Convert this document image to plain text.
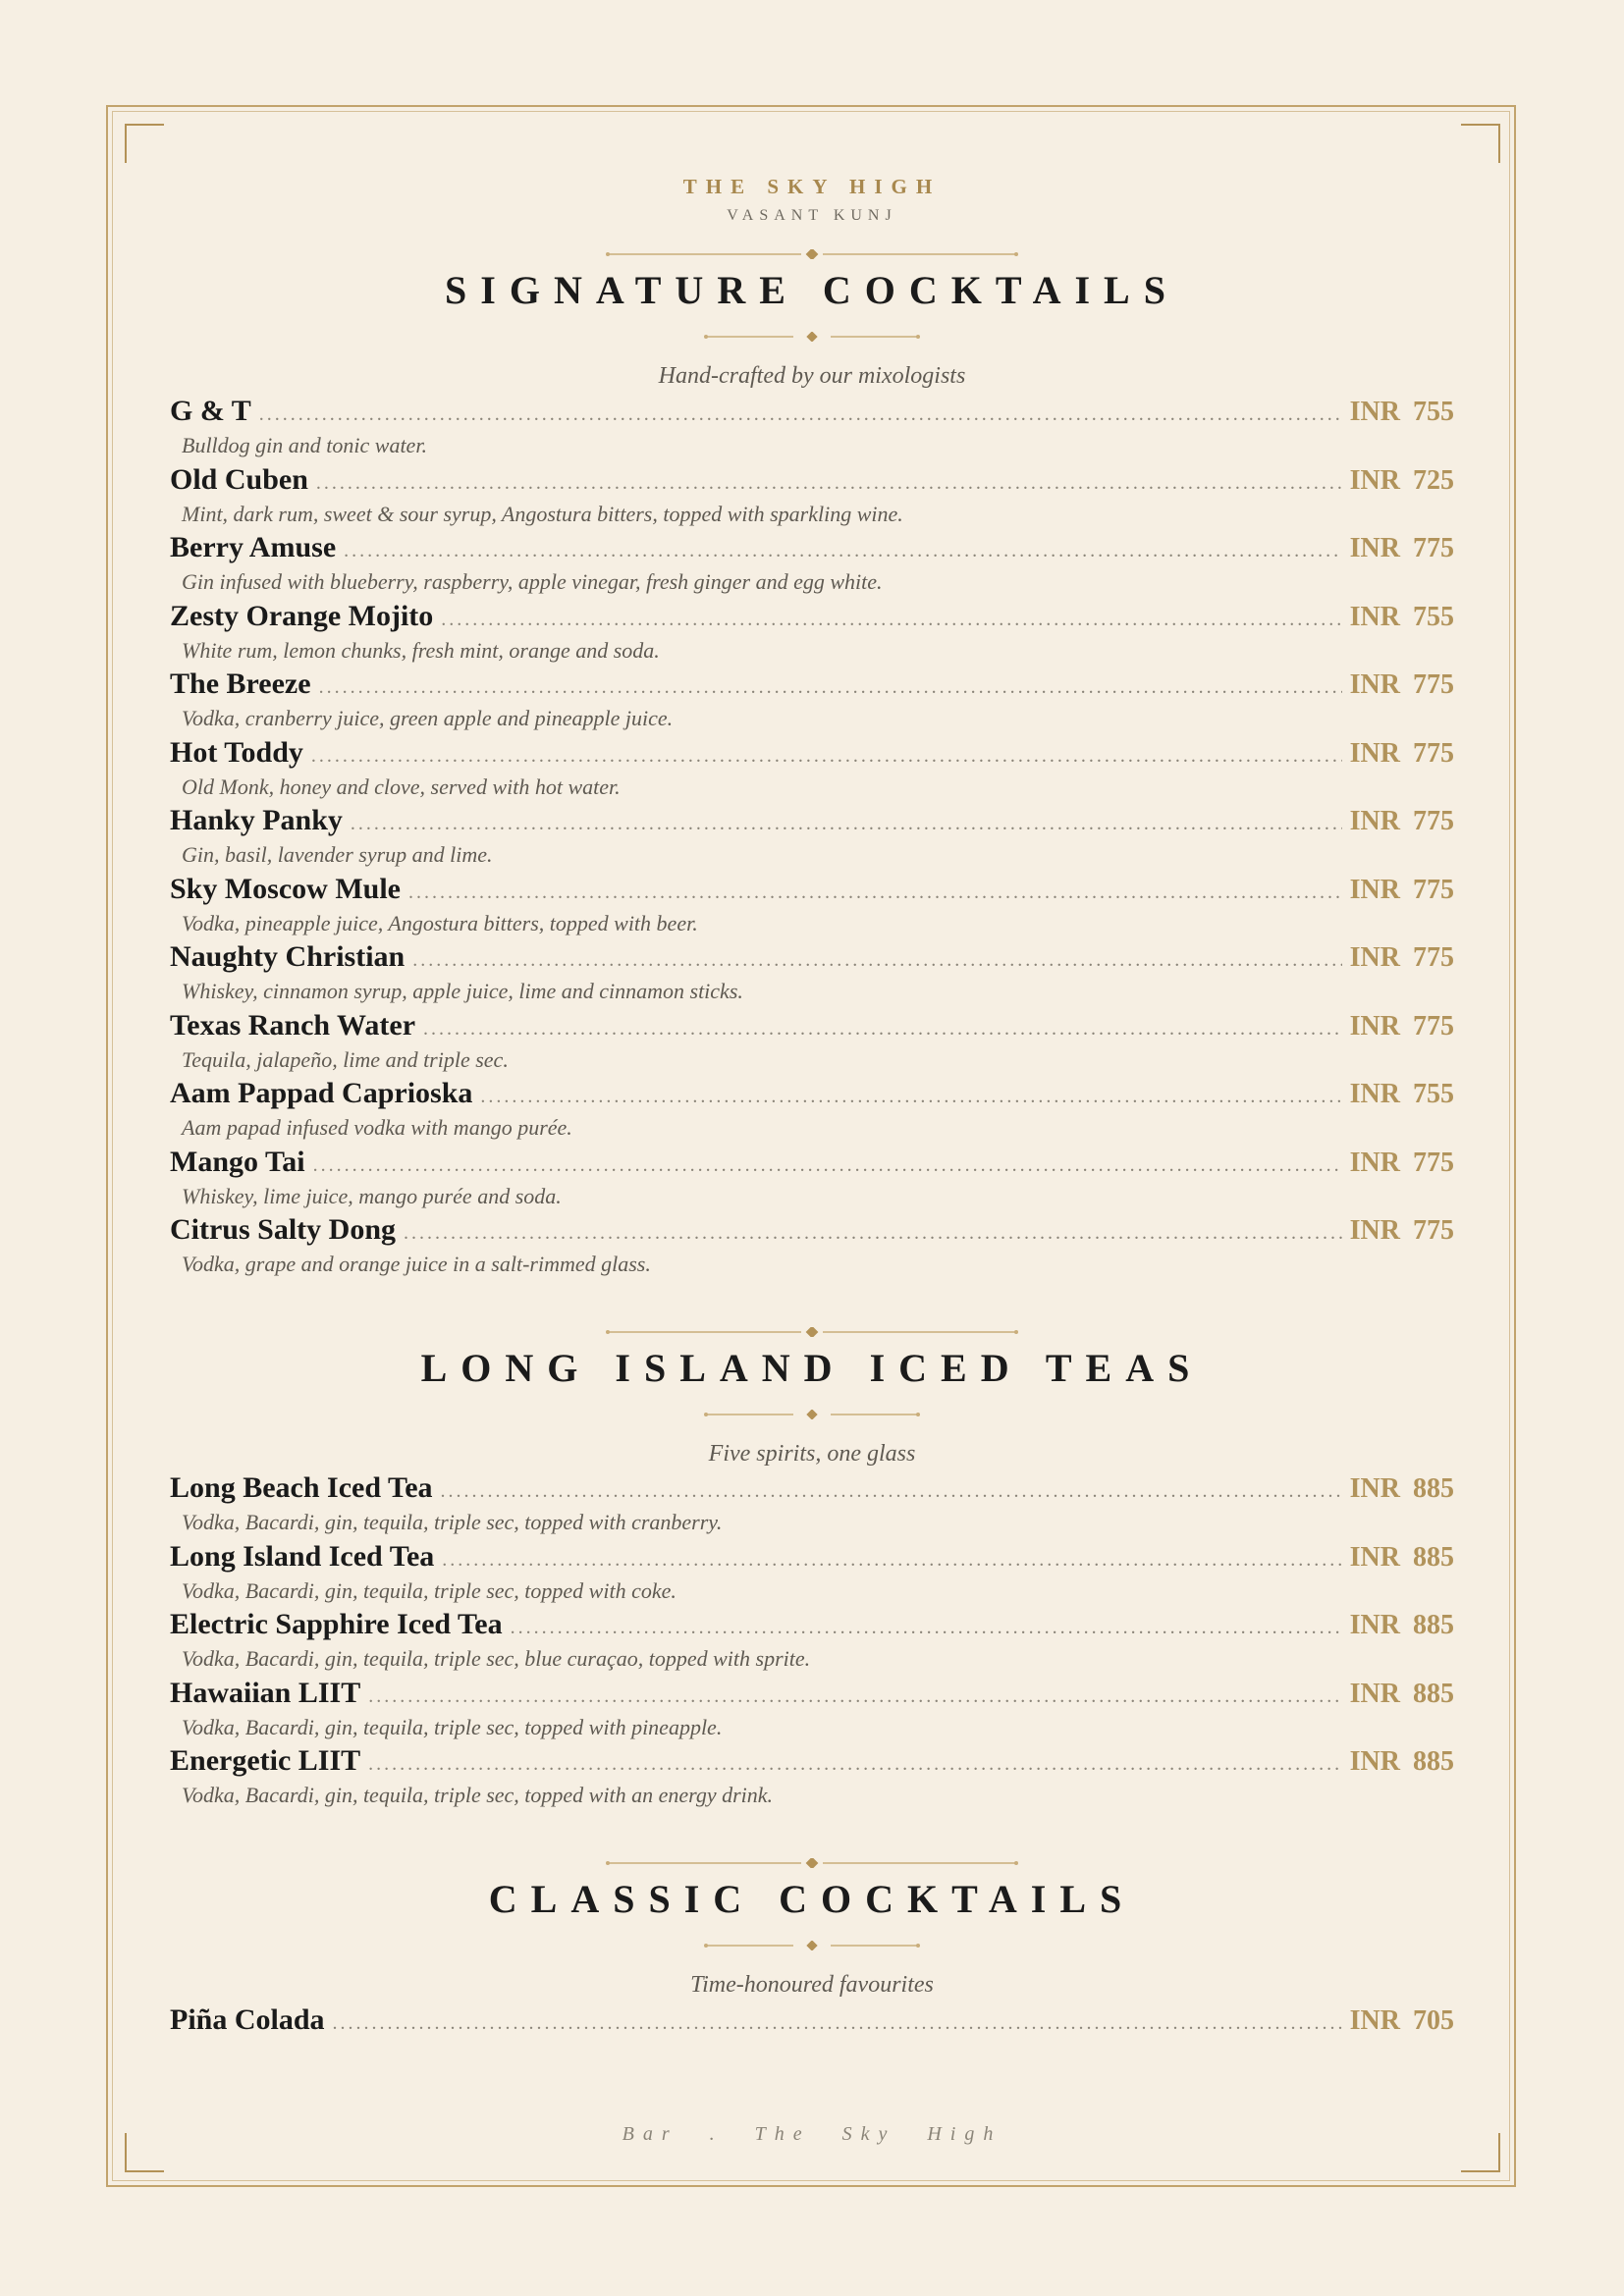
THE SKY HIGH
VASANT KUNJ
SIGNATURE COCKTAILS
Hand-crafted by our mixologists
G & T .....	INR 755
Bulldog gin and tonic water.
Old Cuben .....	INR 725
Mint, dark rum, sweet & sour syrup, Angostura bitters, topped with sparkling wine.
Berry Amuse .....	INR 775
Gin infused with blueberry, raspberry, apple vinegar, fresh ginger and egg white.
Zesty Orange Mojito .....	INR 755
White rum, lemon chunks, fresh mint, orange and soda.
The Breeze .....	INR 775
Vodka, cranberry juice, green apple and pineapple juice.
Hot Toddy .....	INR 775
Old Monk, honey and clove, served with hot water.
Hanky Panky .....	INR 775
Gin, basil, lavender syrup and lime.
Sky Moscow Mule .....	INR 775
Vodka, pineapple juice, Angostura bitters, topped with beer.
Naughty Christian .....	INR 775
Whiskey, cinnamon syrup, apple juice, lime and cinnamon sticks.
Texas Ranch Water .....	INR 775
Tequila, jalapeño, lime and triple sec.
Aam Pappad Caprioska .....	INR 755
Aam papad infused vodka with mango purée.
Mango Tai .....	INR 775
Whiskey, lime juice, mango purée and soda.
Citrus Salty Dong .....	INR 775
Vodka, grape and orange juice in a salt-rimmed glass.
LONG ISLAND ICED TEAS
Five spirits, one glass
Long Beach Iced Tea .....	INR 885
Vodka, Bacardi, gin, tequila, triple sec, topped with cranberry.
Long Island Iced Tea .....	INR 885
Vodka, Bacardi, gin, tequila, triple sec, topped with coke.
Electric Sapphire Iced Tea .....	INR 885
Vodka, Bacardi, gin, tequila, triple sec, blue curaçao, topped with sprite.
Hawaiian LIIT .....	INR 885
Vodka, Bacardi, gin, tequila, triple sec, topped with pineapple.
Energetic LIIT .....	INR 885
Vodka, Bacardi, gin, tequila, triple sec, topped with an energy drink.
CLASSIC COCKTAILS
Time-honoured favourites
Piña Colada .....	INR 705
Bar . The Sky High
